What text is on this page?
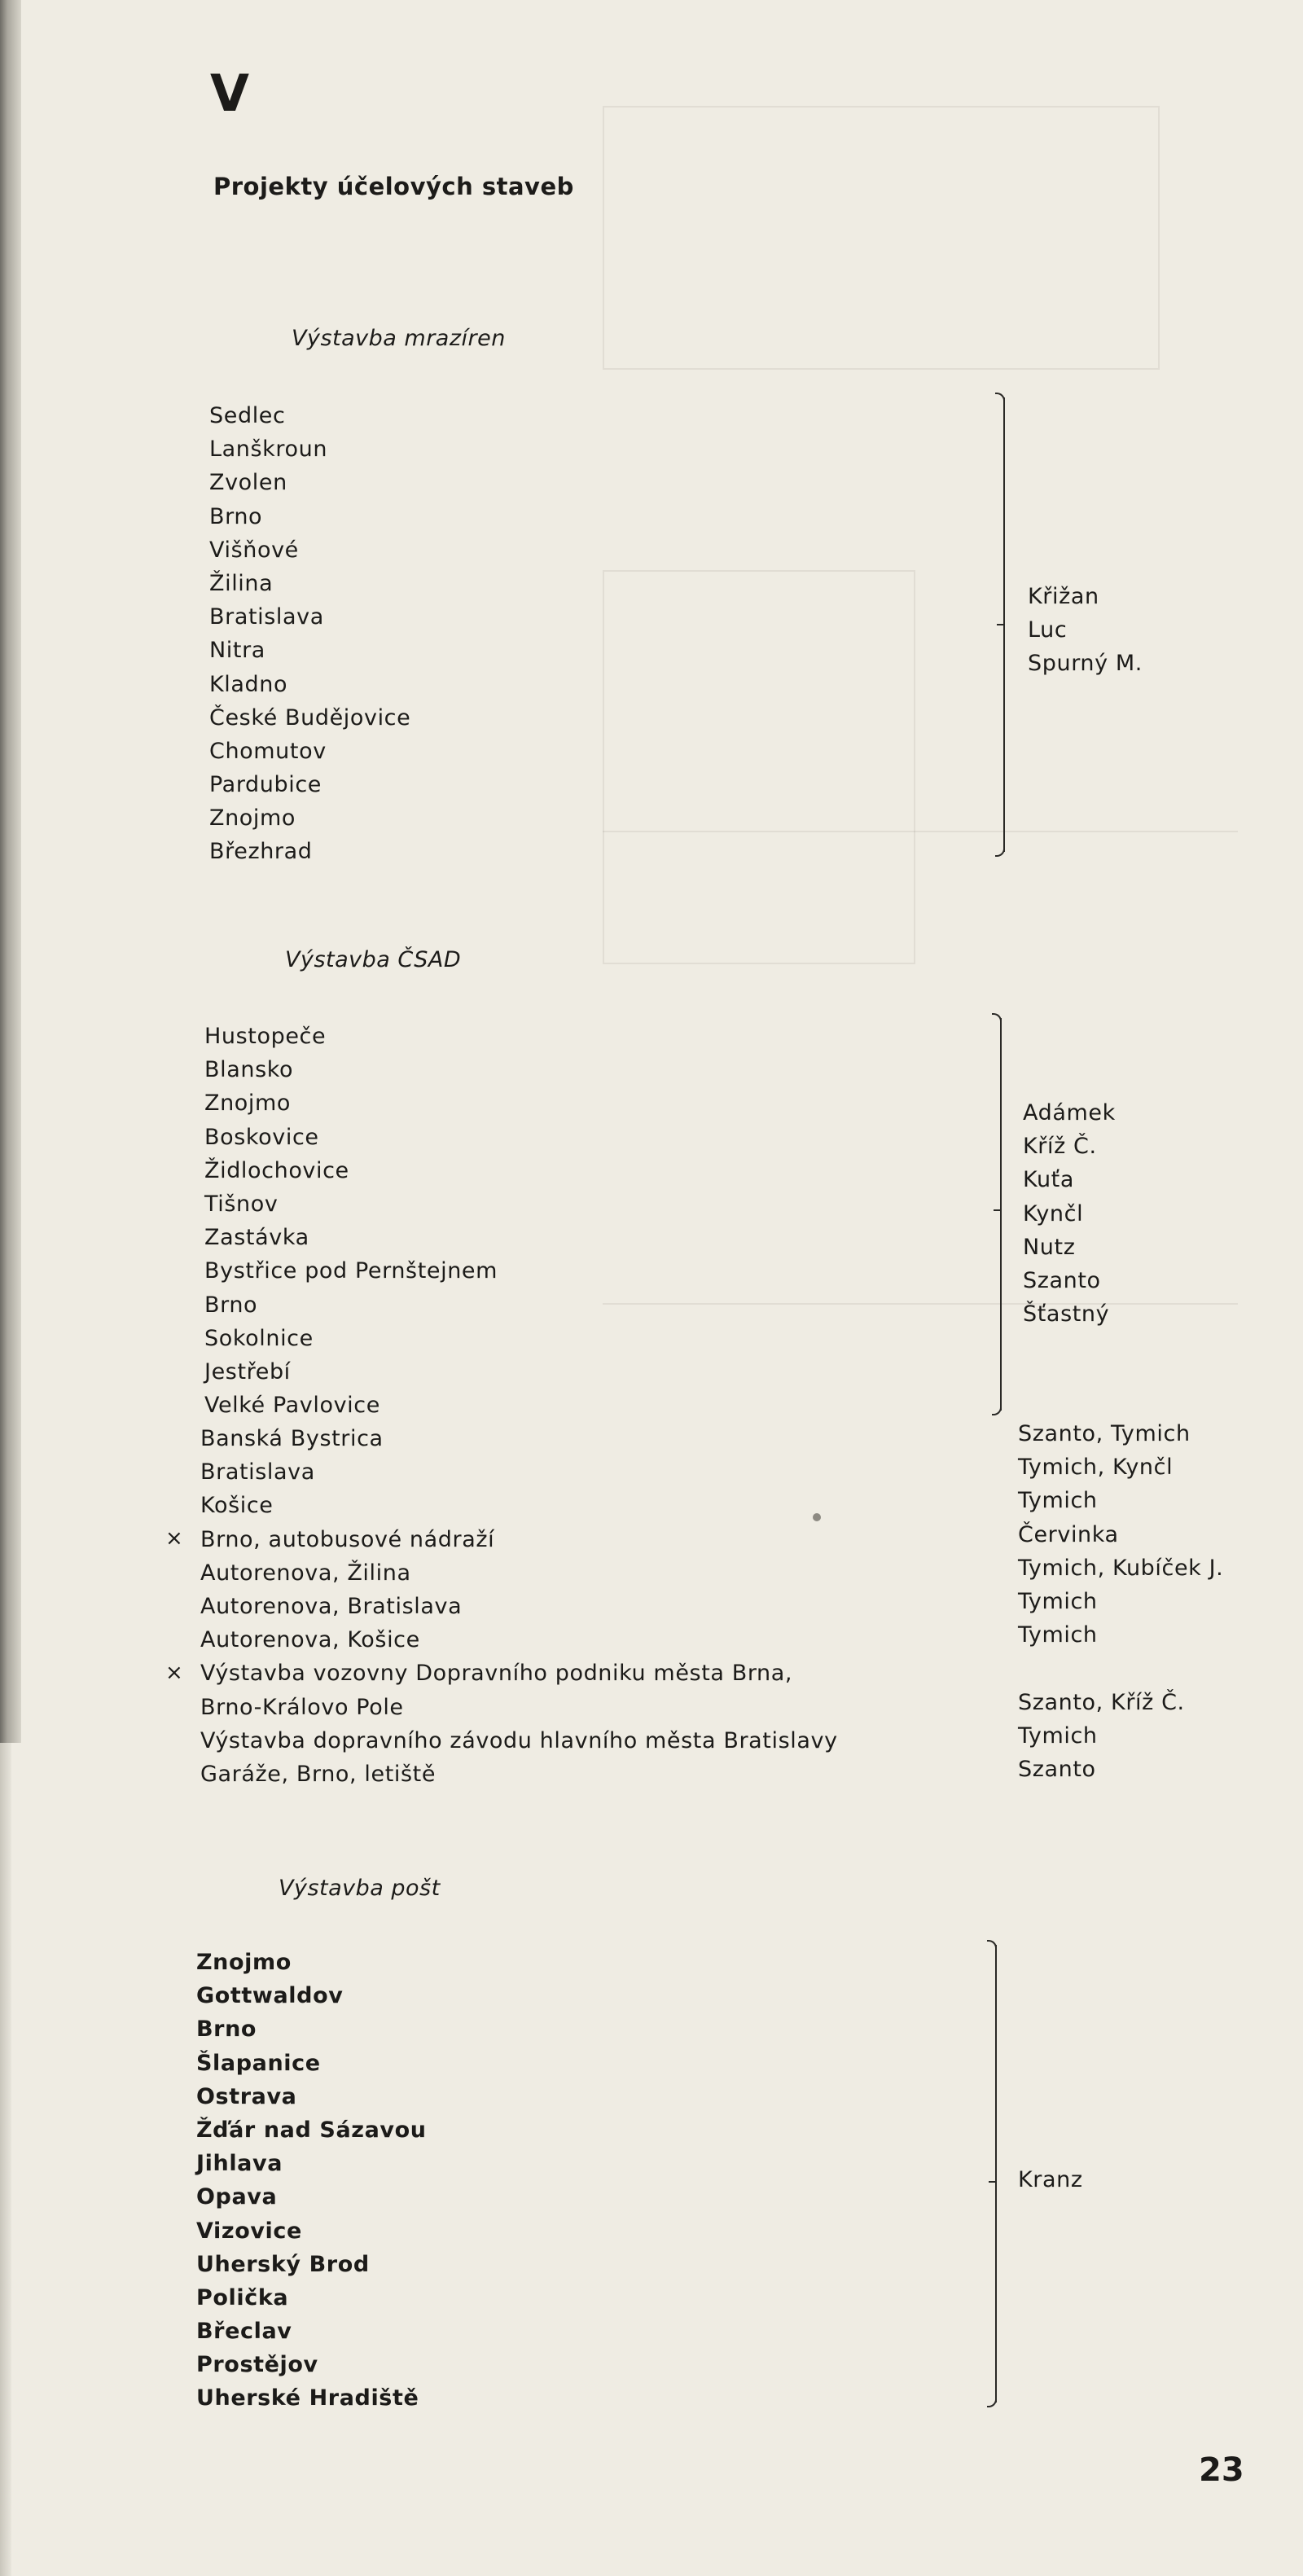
V
Projekty účelových staveb
Výstavba mrazíren
Sedlec
Lanškroun
Zvolen
Brno
Višňové
Žilina
Bratislava
Nitra
Kladno
České Budějovice
Chomutov
Pardubice
Znojmo
Březhrad
Křižan
Luc
Spurný M.
Výstavba ČSAD
Hustopeče
Blansko
Znojmo
Boskovice
Židlochovice
Tišnov
Zastávka
Bystřice pod Pernštejnem
Brno
Sokolnice
Jestřebí
Velké Pavlovice
Adámek
Kříž Č.
Kuťa
Kynčl
Nutz
Szanto
Šťastný
×
×
Banská Bystrica
Bratislava
Košice
Brno, autobusové nádraží
Autorenova, Žilina
Autorenova, Bratislava
Autorenova, Košice
Výstavba vozovny Dopravního podniku města Brna,
Brno-Královo Pole
Výstavba dopravního závodu hlavního města Bratislavy
Garáže, Brno, letiště
Szanto, Tymich
Tymich, Kynčl
Tymich
Červinka
Tymich, Kubíček J.
Tymich
Tymich
Szanto, Kříž Č.
Tymich
Szanto
Výstavba pošt
Znojmo
Gottwaldov
Brno
Šlapanice
Ostrava
Žďár nad Sázavou
Jihlava
Opava
Vizovice
Uherský Brod
Polička
Břeclav
Prostějov
Uherské Hradiště
Kranz
23
